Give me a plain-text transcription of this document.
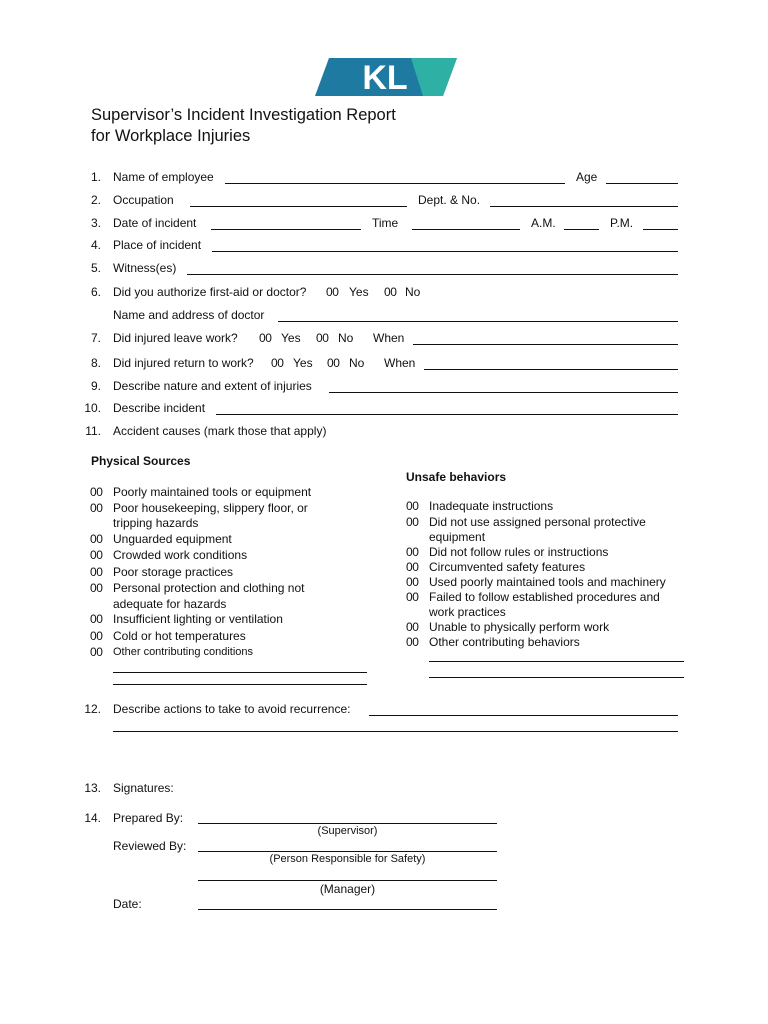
KL
Supervisor’s Incident Investigation Report
for Workplace Injuries
1. Name of employee	Age
2. Occupation	Dept. & No.
3. Date of incident	Time	A.M.	P.M.
4. Place of incident
5. Witness(es)
6. Did you authorize first-aid or doctor? 00 Yes 00 No
Name and address of doctor
7. Did injured leave work? 00 Yes 00 No When
8. Did injured return to work? 00 Yes 00 No When
9. Describe nature and extent of injuries
10. Describe incident
11. Accident causes (mark those that apply)
Physical Sources
00 Poorly maintained tools or equipment
00 Poor housekeeping, slippery floor, or
tripping hazards
00 Unguarded equipment
00 Crowded work conditions
00 Poor storage practices
00 Personal protection and clothing not
adequate for hazards
00 Insufficient lighting or ventilation
00 Cold or hot temperatures
00 Other contributing conditions
Unsafe behaviors
00 Inadequate instructions
00 Did not use assigned personal protective
equipment
00 Did not follow rules or instructions
00 Circumvented safety features
00 Used poorly maintained tools and machinery
00 Failed to follow established procedures and
work practices
00 Unable to physically perform work
00 Other contributing behaviors
12. Describe actions to take to avoid recurrence:
13. Signatures:
14. Prepared By:
(Supervisor)
Reviewed By:
(Person Responsible for Safety)
(Manager)
Date:
